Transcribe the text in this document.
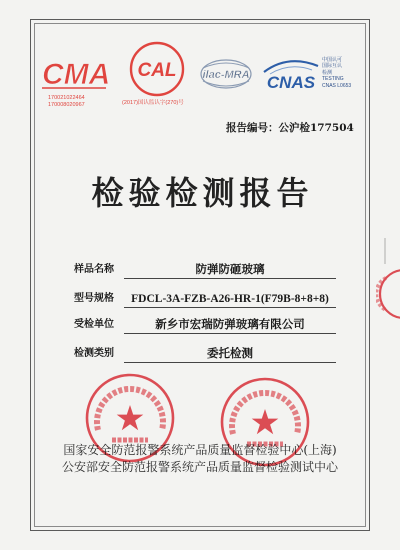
CMA
170021022464
170008020967
CAL
(2017)国认监认字(270)号
ilac-MRA CNAS
中国认可
国际互认
检测
TESTING
CNAS L0653
报告编号：公沪检177504
检验检测报告
样品名称	防弹防砸玻璃
型号规格	FDCL-3A-FZB-A26-HR-1(F79B-8+8+8)
受检单位	新乡市宏瑞防弹玻璃有限公司
检测类别	委托检测
国家安全防范报警系统产品质量监督检验中心(上海)
公安部安全防范报警系统产品质量监督检验测试中心
